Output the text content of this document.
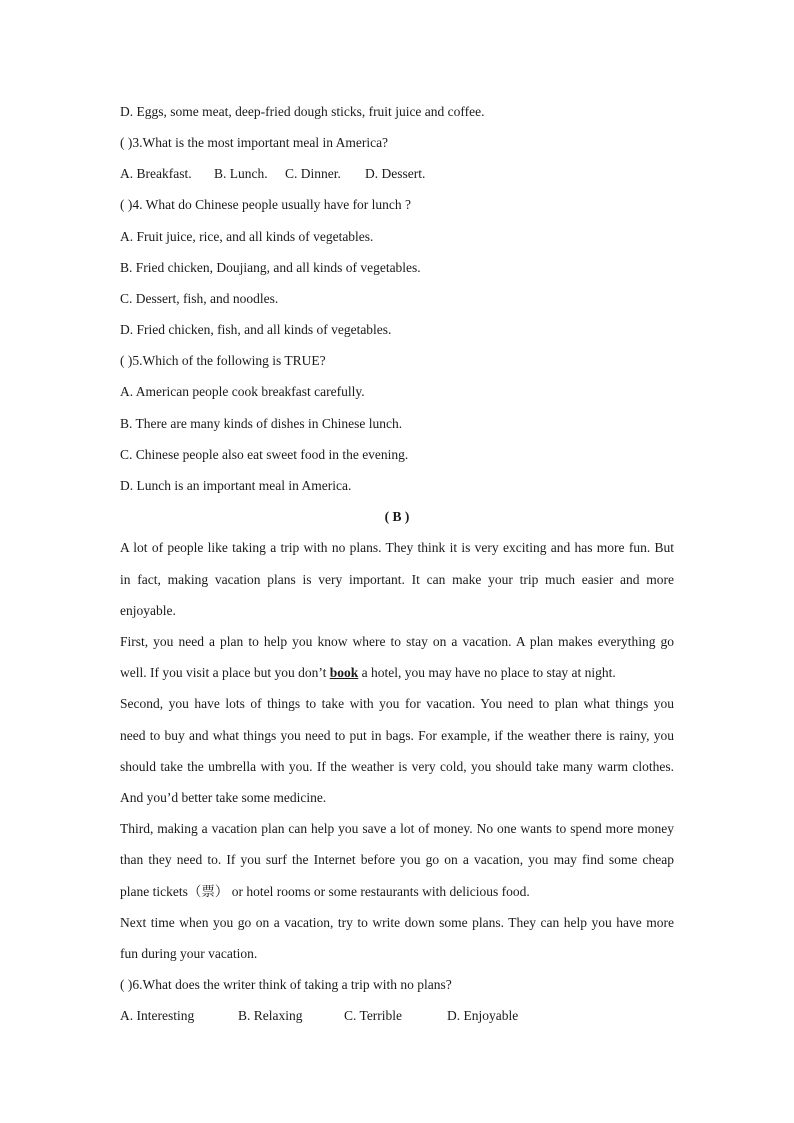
D. Eggs, some meat, deep-fried dough sticks, fruit juice and coffee.
( )3.What is the most important meal in America?
A. Breakfast. B. Lunch. C. Dinner. D. Dessert.
( )4. What do Chinese people usually have for lunch ?
A. Fruit juice, rice, and all kinds of vegetables.
B. Fried chicken, Doujiang, and all kinds of vegetables.
C. Dessert, fish, and noodles.
D. Fried chicken, fish, and all kinds of vegetables.
( )5.Which of the following is TRUE?
A. American people cook breakfast carefully.
B. There are many kinds of dishes in Chinese lunch.
C. Chinese people also eat sweet food in the evening.
D. Lunch is an important meal in America.
( B )
A lot of people like taking a trip with no plans. They think it is very exciting and has more fun. But
in fact, making vacation plans is very important. It can make your trip much easier and more
enjoyable.
First, you need a plan to help you know where to stay on a vacation. A plan makes everything go
well. If you visit a place but you don’t book a hotel, you may have no place to stay at night.
Second, you have lots of things to take with you for vacation. You need to plan what things you
need to buy and what things you need to put in bags. For example, if the weather there is rainy, you
should take the umbrella with you. If the weather is very cold, you should take many warm clothes.
And you’d better take some medicine.
Third, making a vacation plan can help you save a lot of money. No one wants to spend more money
than they need to. If you surf the Internet before you go on a vacation, you may find some cheap
plane tickets（票） or hotel rooms or some restaurants with delicious food.
Next time when you go on a vacation, try to write down some plans. They can help you have more
fun during your vacation.
( )6.What does the writer think of taking a trip with no plans?
A. Interesting	B. Relaxing	C. Terrible	D. Enjoyable
